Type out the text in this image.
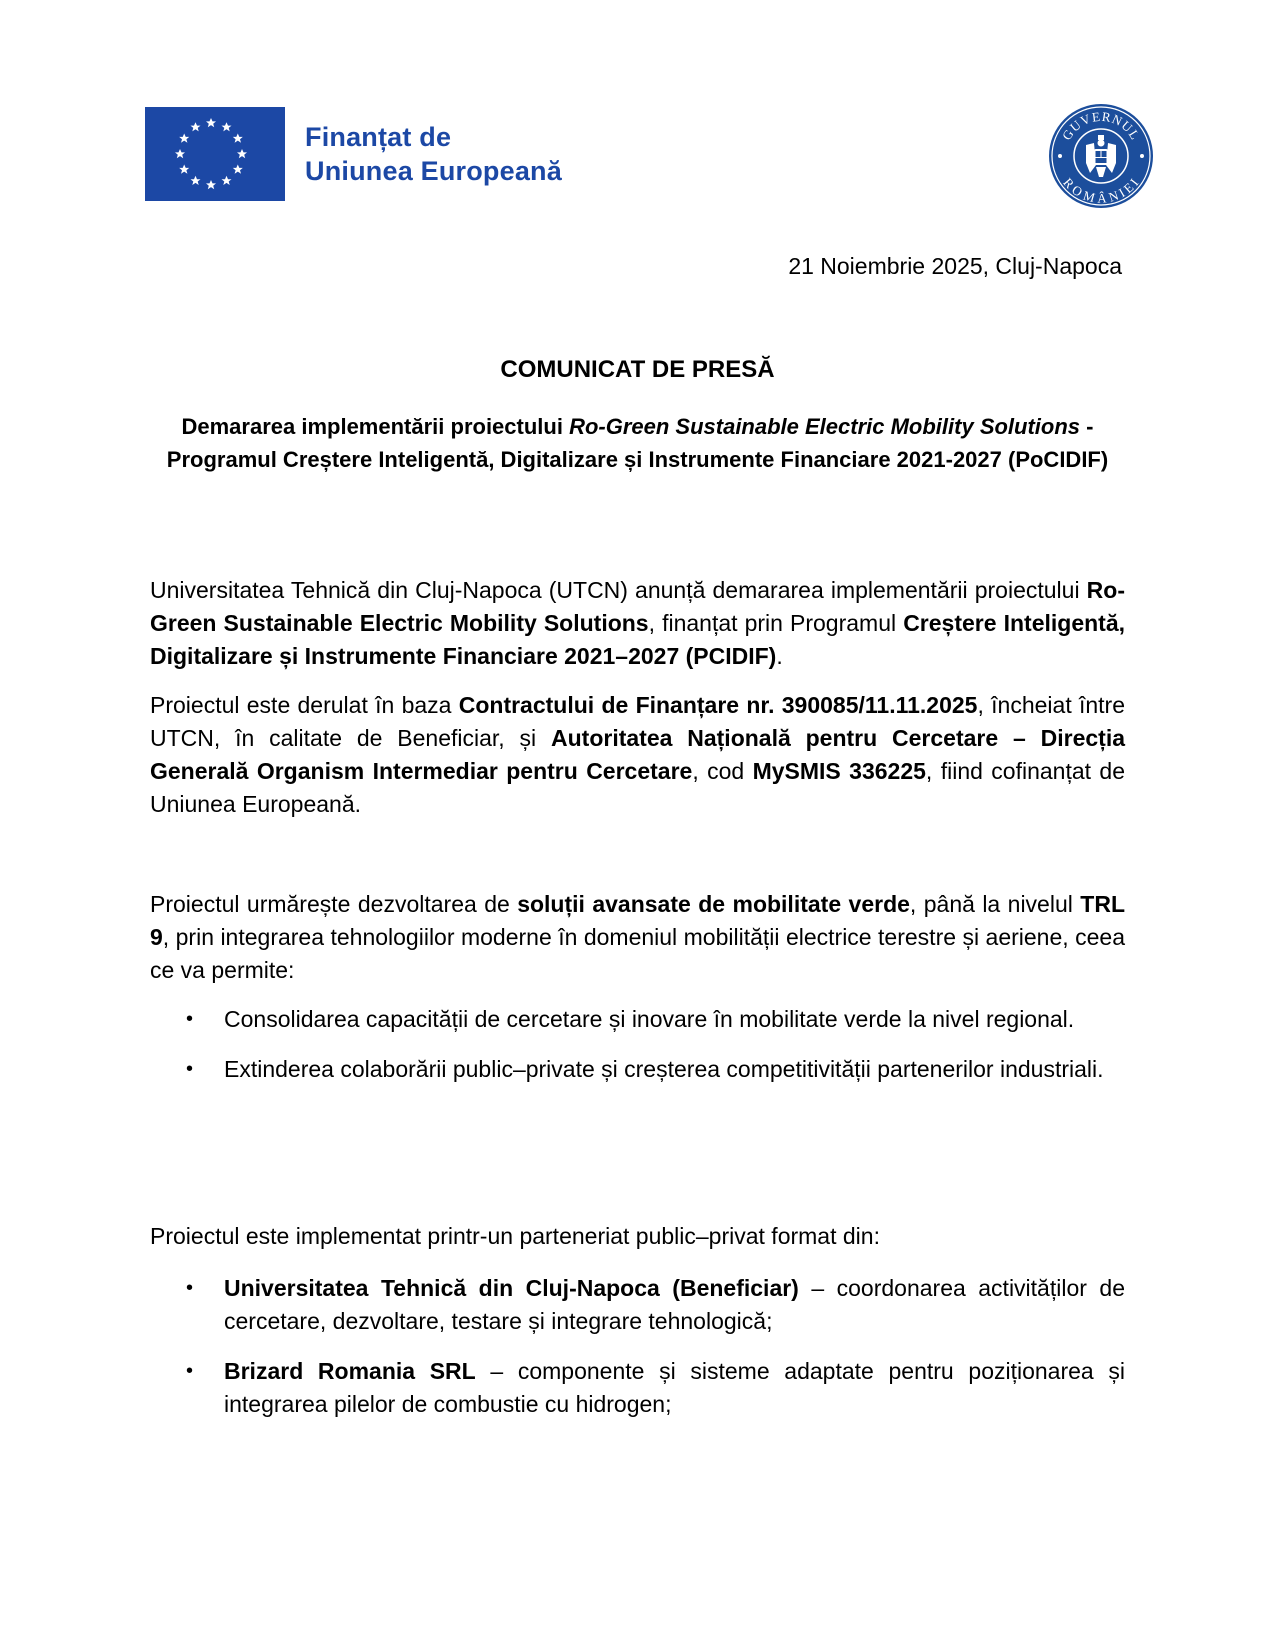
Finanțat de
Uniunea Europeană
GUVERNUL
ROMÂNIEI
21 Noiembrie 2025, Cluj-Napoca
COMUNICAT DE PRESĂ
Demararea implementării proiectului Ro-Green Sustainable Electric Mobility Solutions - Programul Creștere Inteligentă, Digitalizare și Instrumente Financiare 2021-2027 (PoCIDIF)

Universitatea Tehnică din Cluj-Napoca (UTCN) anunță demararea implementării proiectului Ro-Green Sustainable Electric Mobility Solutions, finanțat prin Programul Creștere Inteligentă, Digitalizare și Instrumente Financiare 2021–2027 (PCIDIF).

Proiectul este derulat în baza Contractului de Finanțare nr. 390085/11.11.2025, încheiat între UTCN, în calitate de Beneficiar, și Autoritatea Națională pentru Cercetare – Direcția Generală Organism Intermediar pentru Cercetare, cod MySMIS 336225, fiind cofinanțat de Uniunea Europeană.

Proiectul urmărește dezvoltarea de soluții avansate de mobilitate verde, până la nivelul TRL 9, prin integrarea tehnologiilor moderne în domeniul mobilității electrice terestre și aeriene, ceea ce va permite:

• Consolidarea capacității de cercetare și inovare în mobilitate verde la nivel regional.
• Extinderea colaborării public–private și creșterea competitivității partenerilor industriali.

Proiectul este implementat printr-un parteneriat public–privat format din:

• Universitatea Tehnică din Cluj-Napoca (Beneficiar) – coordonarea activităților de cercetare, dezvoltare, testare și integrare tehnologică;
• Brizard Romania SRL – componente și sisteme adaptate pentru poziționarea și integrarea pilelor de combustie cu hidrogen;
